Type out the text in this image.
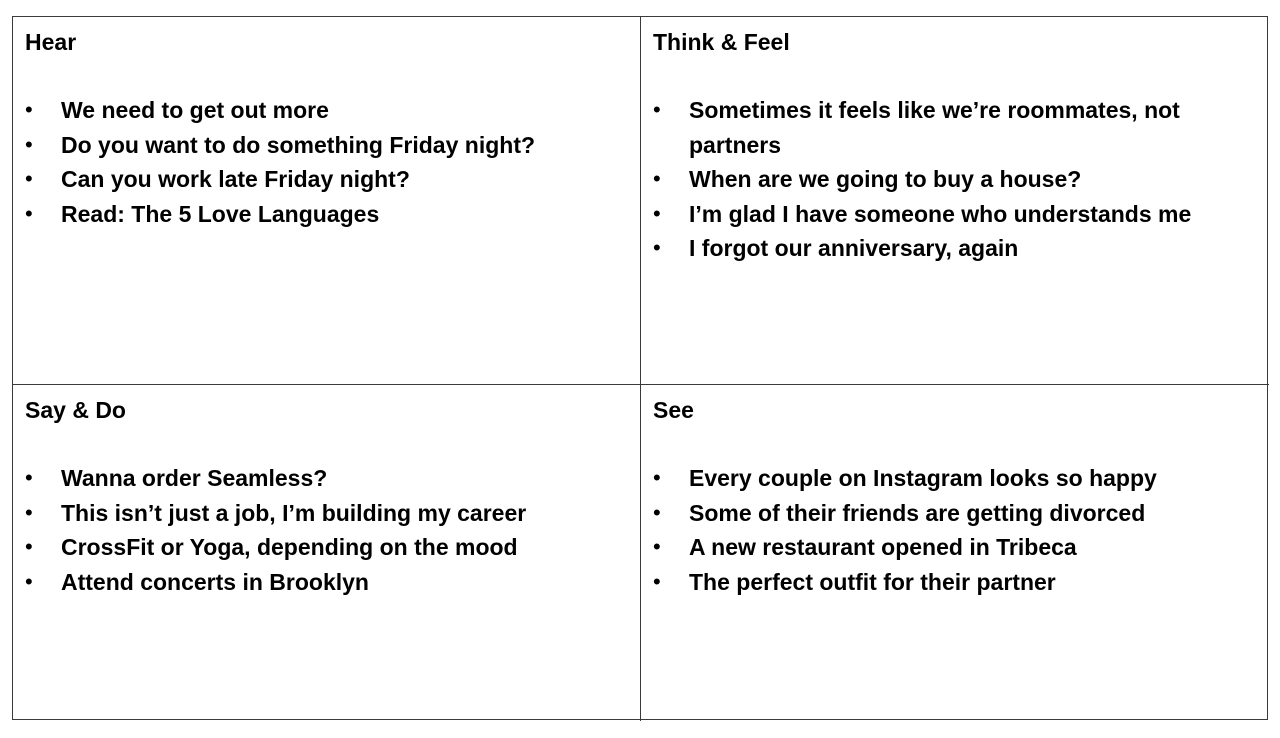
Hear
•	We need to get out more
•	Do you want to do something Friday night?
•	Can you work late Friday night?
•	Read: The 5 Love Languages
Think & Feel
•	Sometimes it feels like we’re roommates, not partners
•	When are we going to buy a house?
•	I’m glad I have someone who understands me
•	I forgot our anniversary, again
Say & Do
•	Wanna order Seamless?
•	This isn’t just a job, I’m building my career
•	CrossFit or Yoga, depending on the mood
•	Attend concerts in Brooklyn
See
•	Every couple on Instagram looks so happy
•	Some of their friends are getting divorced
•	A new restaurant opened in Tribeca
•	The perfect outfit for their partner
